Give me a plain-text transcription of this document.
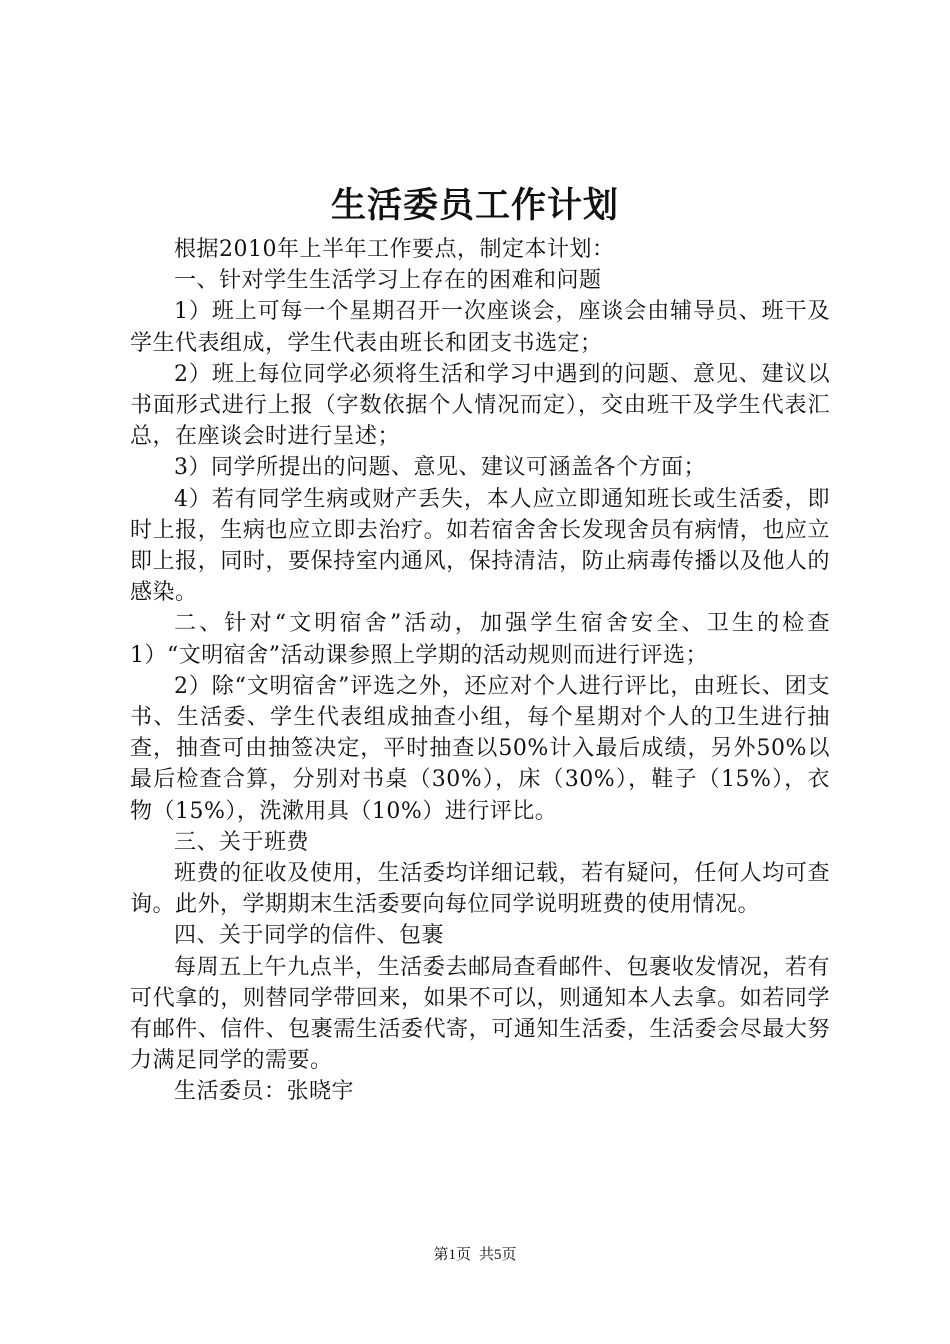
生活委员工作计划

根据2010年上半年工作要点，制定本计划：

一、针对学生生活学习上存在的困难和问题

1）班上可每一个星期召开一次座谈会，座谈会由辅导员、班干及学生代表组成，学生代表由班长和团支书选定；

2）班上每位同学必须将生活和学习中遇到的问题、意见、建议以书面形式进行上报（字数依据个人情况而定），交由班干及学生代表汇总，在座谈会时进行呈述；

3）同学所提出的问题、意见、建议可涵盖各个方面；

4）若有同学生病或财产丢失，本人应立即通知班长或生活委，即时上报，生病也应立即去治疗。如若宿舍舍长发现舍员有病情，也应立即上报，同时，要保持室内通风，保持清洁，防止病毒传播以及他人的感染。

二、针对“文明宿舍”活动，加强学生宿舍安全、卫生的检查1）“文明宿舍”活动课参照上学期的活动规则而进行评选；

2）除“文明宿舍”评选之外，还应对个人进行评比，由班长、团支书、生活委、学生代表组成抽查小组，每个星期对个人的卫生进行抽查，抽查可由抽签决定，平时抽查以50%计入最后成绩，另外50%以最后检查合算，分别对书桌（30%），床（30%），鞋子（15%），衣物（15%），洗漱用具（10%）进行评比。

三、关于班费

班费的征收及使用，生活委均详细记载，若有疑问，任何人均可查询。此外，学期期末生活委要向每位同学说明班费的使用情况。

四、关于同学的信件、包裹

每周五上午九点半，生活委去邮局查看邮件、包裹收发情况，若有可代拿的，则替同学带回来，如果不可以，则通知本人去拿。如若同学有邮件、信件、包裹需生活委代寄，可通知生活委，生活委会尽最大努力满足同学的需要。

生活委员：张晓宇

第1页 共5页
